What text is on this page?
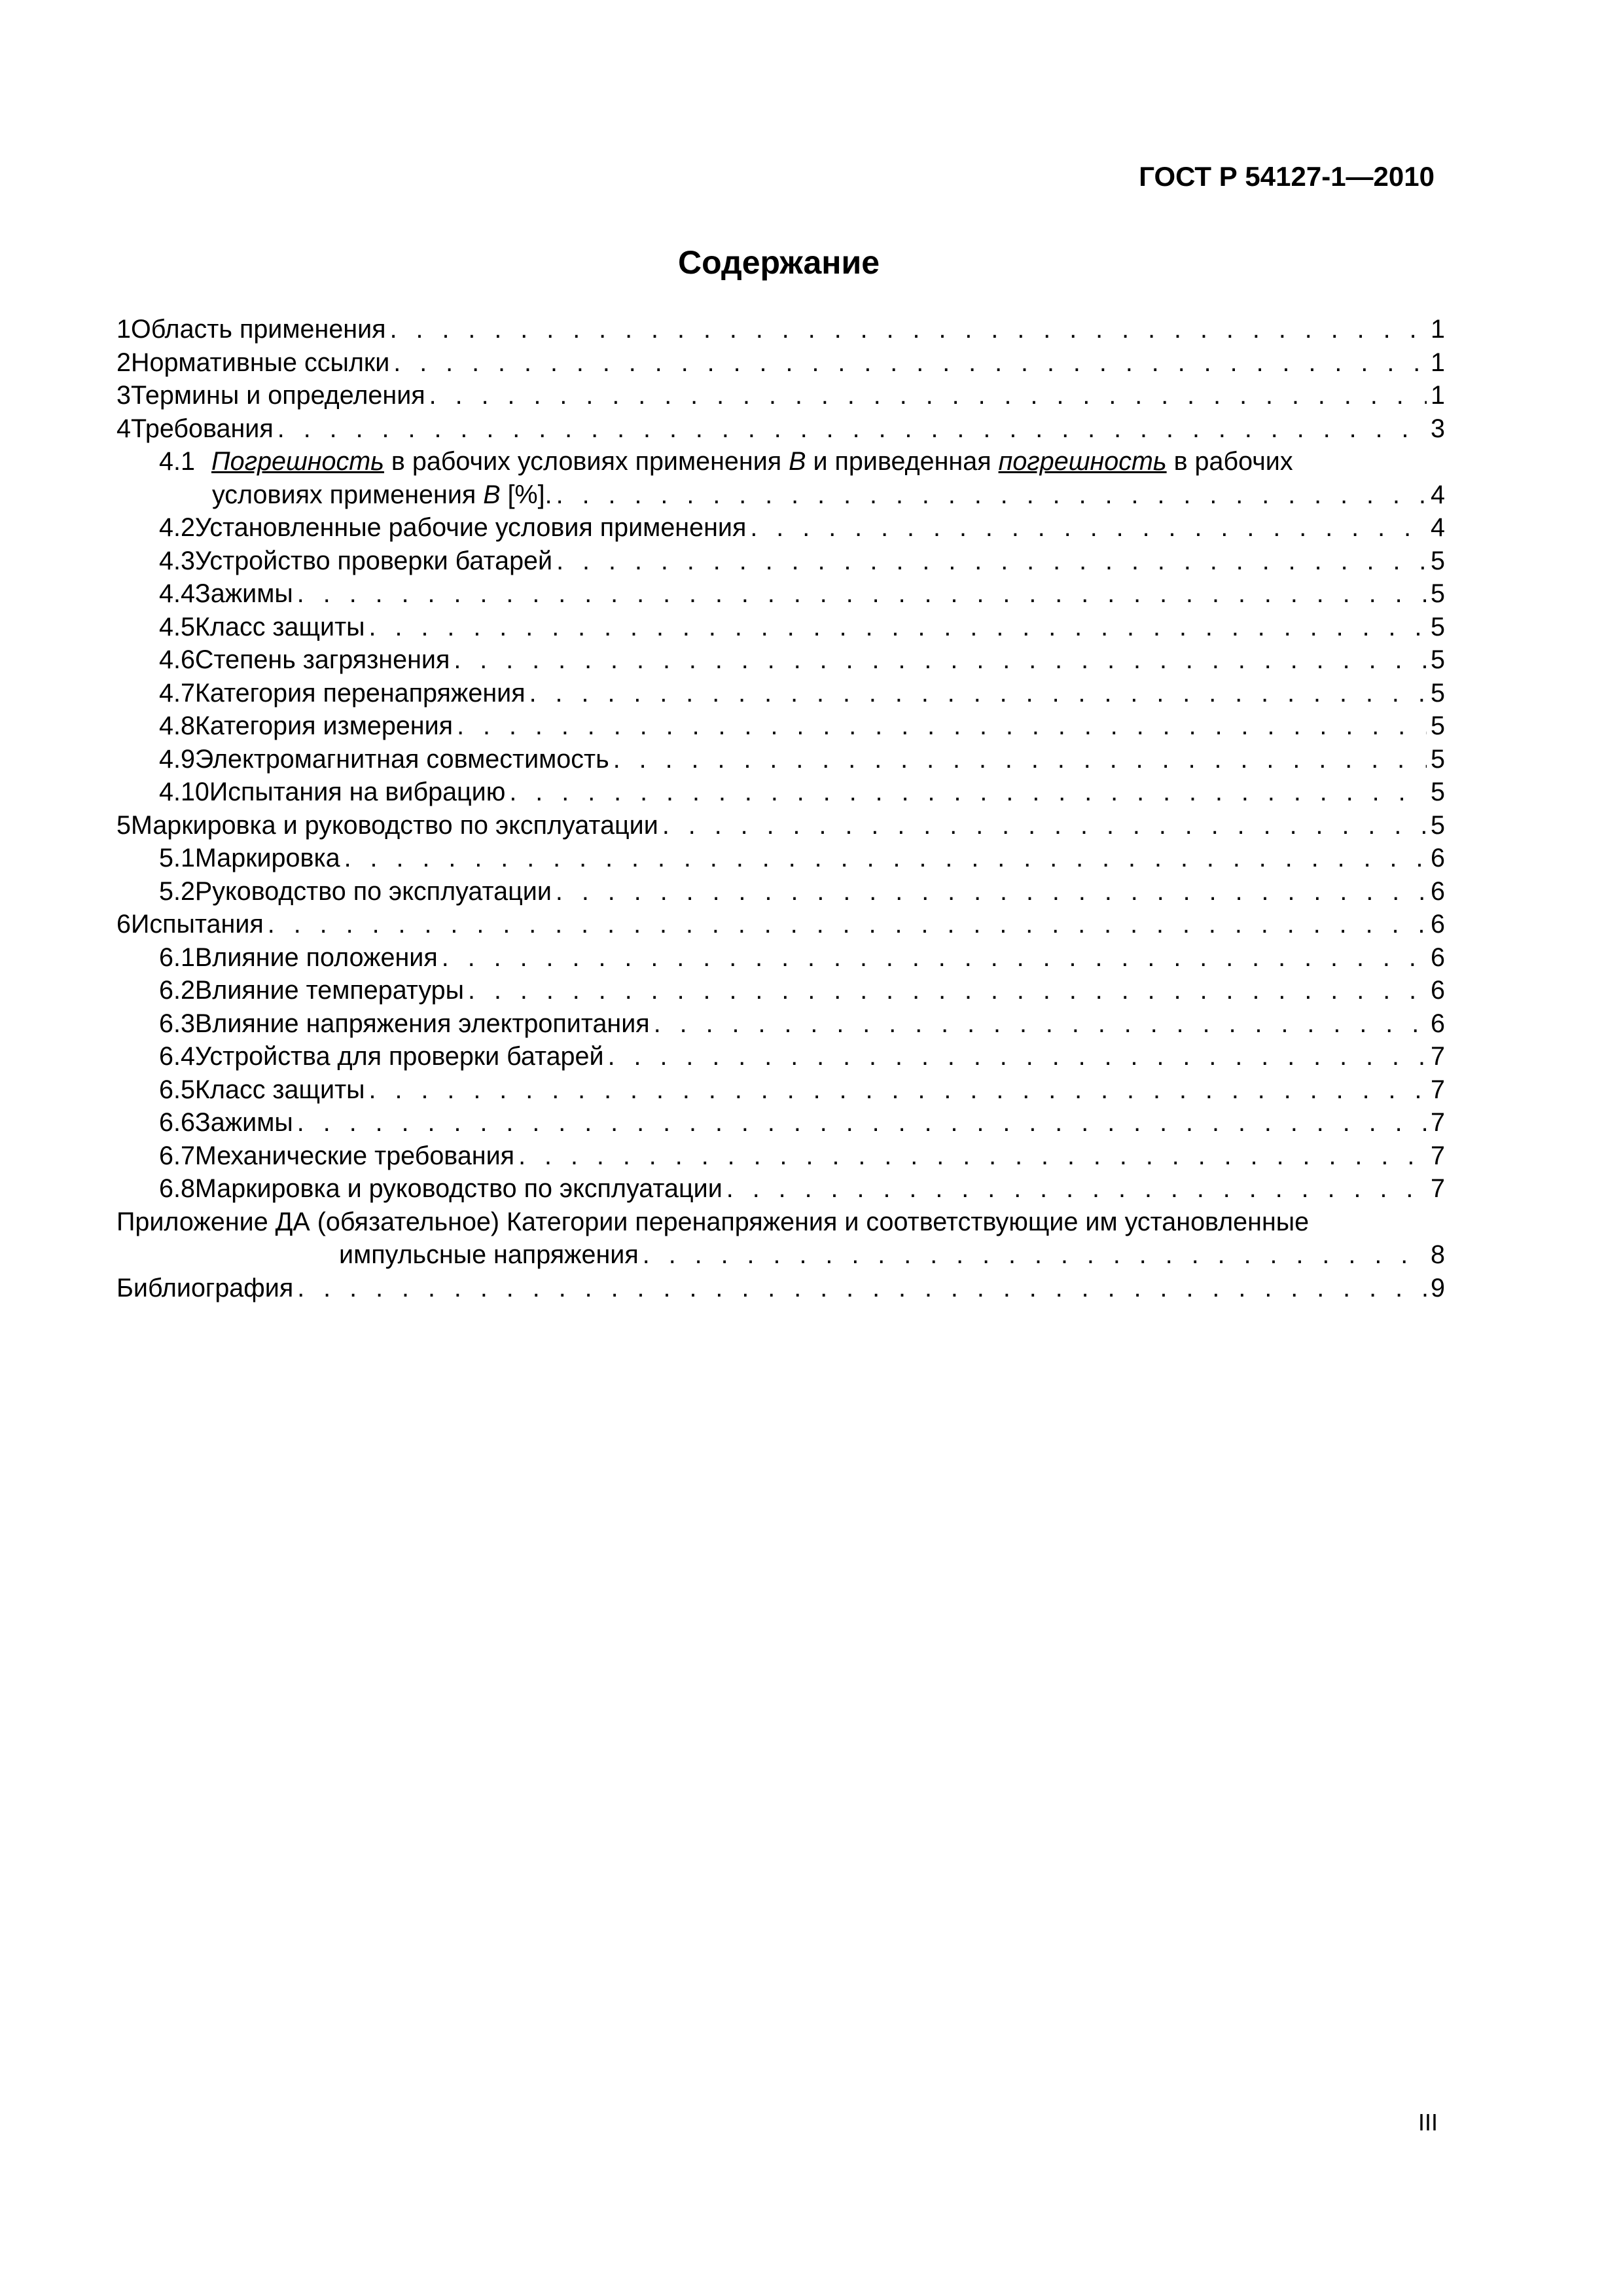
ГОСТ Р 54127-1—2010
Содержание
1 Область применения . . .	1
2 Нормативные ссылки . . .	1
3 Термины и определения . . .	1
4 Требования . . .	3
4.1 Погрешность в рабочих условиях применения B и приведенная погрешность в рабочих
условиях применения B [%]. . . .	4
4.2 Установленные рабочие условия применения . . .	4
4.3 Устройство проверки батарей . . .	5
4.4 Зажимы . . .	5
4.5 Класс защиты . . .	5
4.6 Степень загрязнения . . .	5
4.7 Категория перенапряжения . . .	5
4.8 Категория измерения . . .	5
4.9 Электромагнитная совместимость . . .	5
4.10 Испытания на вибрацию . . .	5
5 Маркировка и руководство по эксплуатации . . .	5
5.1 Маркировка . . .	6
5.2 Руководство по эксплуатации . . .	6
6 Испытания . . .	6
6.1 Влияние положения . . .	6
6.2 Влияние температуры . . .	6
6.3 Влияние напряжения электропитания . . .	6
6.4 Устройства для проверки батарей . . .	7
6.5 Класс защиты . . .	7
6.6 Зажимы . . .	7
6.7 Механические требования . . .	7
6.8 Маркировка и руководство по эксплуатации . . .	7
Приложение ДА (обязательное) Категории перенапряжения и соответствующие им установленные
импульсные напряжения . . .	8
Библиография . . .	9
III
